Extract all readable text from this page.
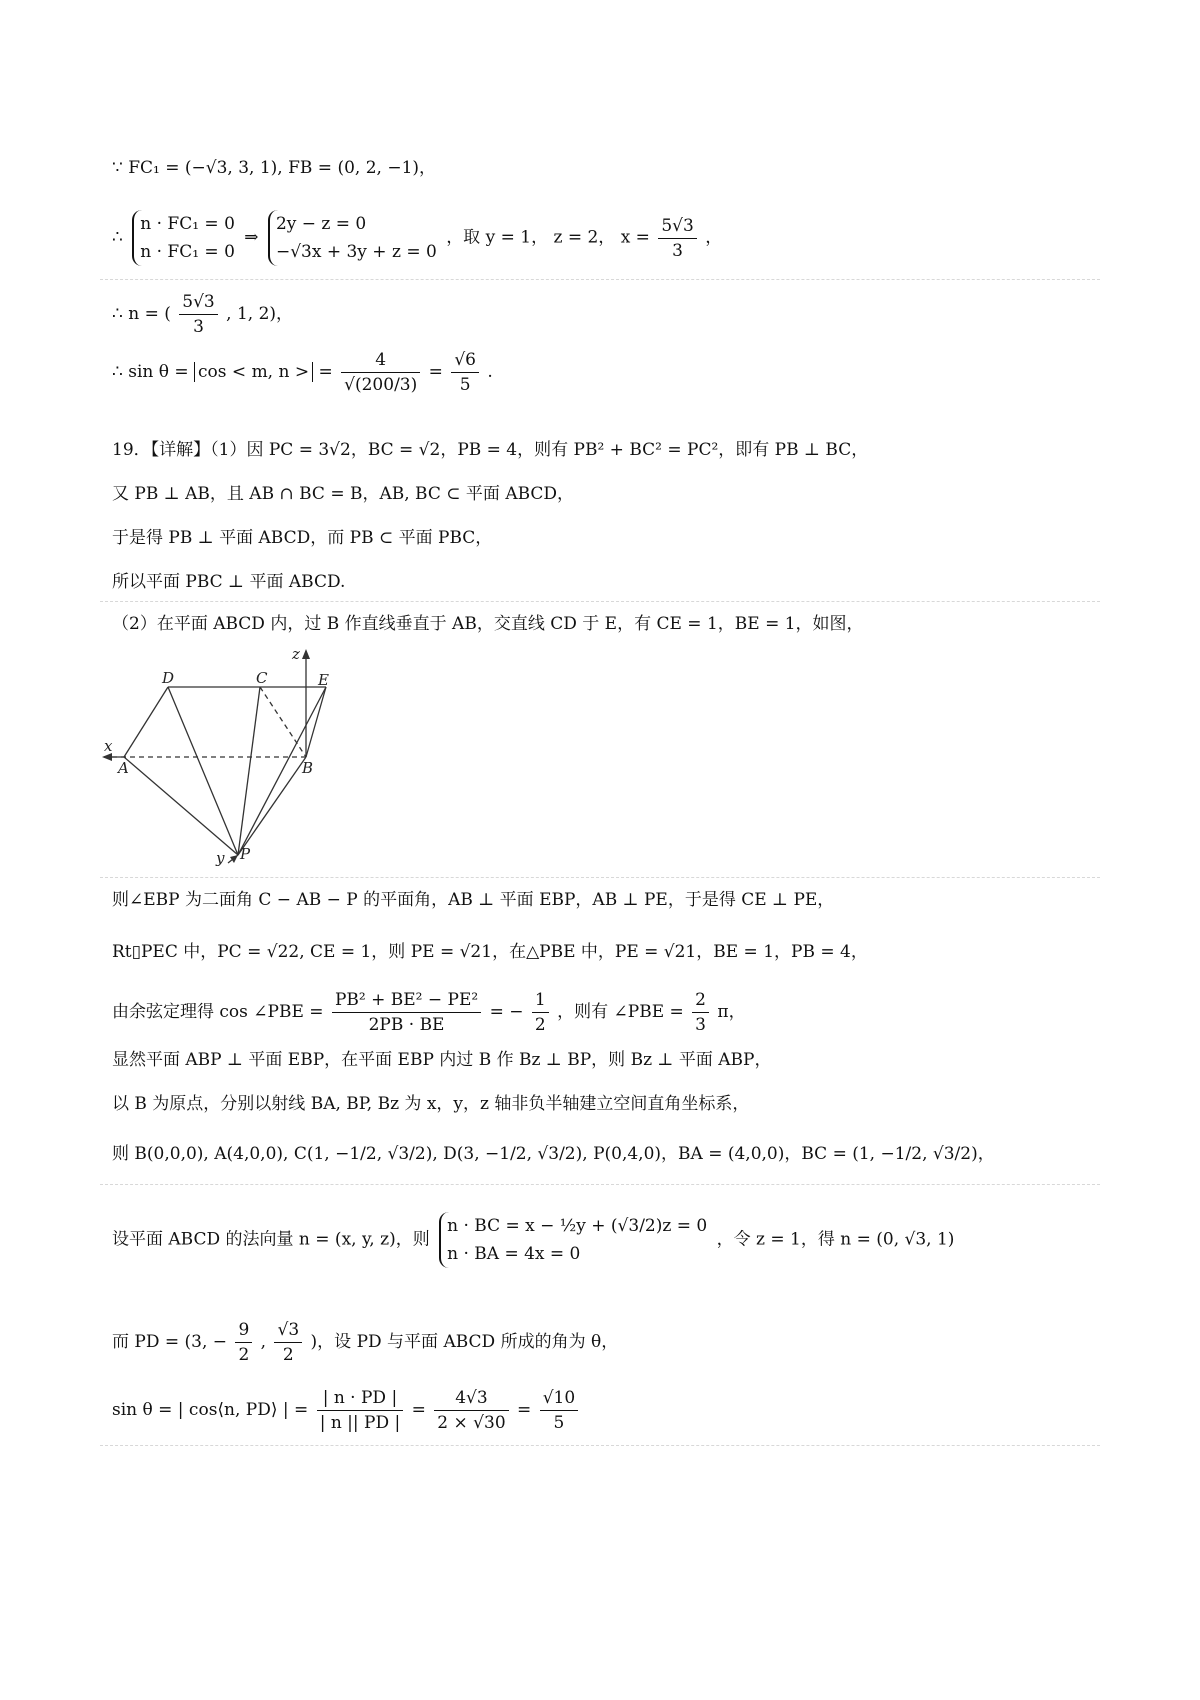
∵ FC₁ = (−√3, 3, 1), FB = (0, 2, −1)，
∴
n · FC₁ = 0
n · FC₁ = 0
⇒
2y − z = 0
−√3x + 3y + z = 0
，取 y = 1， z = 2， $x = \frac{5√3}{3}$ ，
∴ n = ( $\frac{5√3}{3}$ , 1, 2)，
∴ sin θ = cos < m, n > = $\frac{4}{√(200/3)} = \frac{√6}{5}$ .
19．【详解】（1）因 PC = 3√2，BC = √2，PB = 4，则有 PB² + BC² = PC²，即有 PB ⊥ BC，
又 PB ⊥ AB，且 AB ∩ BC = B，AB, BC ⊂ 平面 ABCD，
于是得 PB ⊥ 平面 ABCD，而 PB ⊂ 平面 PBC，
所以平面 PBC ⊥ 平面 ABCD.
（2）在平面 ABCD 内，过 B 作直线垂直于 AB，交直线 CD 于 E，有 CE = 1，BE = 1，如图，
z
x
y
D	C	E
A	B
P
则∠EBP 为二面角 C − AB − P 的平面角，AB ⊥ 平面 EBP，AB ⊥ PE，于是得 CE ⊥ PE，
Rt▯PEC 中，PC = √22, CE = 1，则 PE = √21，在△PBE 中，PE = √21，BE = 1，PB = 4，
由余弦定理得 cos ∠PBE = $\frac{\text{PB² + BE² − PE²}}{2PB \cdot BE}$ = − $\frac{1}{2}$ ，则有 ∠PBE = $\frac{2}{3}$ π，
显然平面 ABP ⊥ 平面 EBP，在平面 EBP 内过 B 作 Bz ⊥ BP，则 Bz ⊥ 平面 ABP，
以 B 为原点，分别以射线 BA, BP, Bz 为 x，y，z 轴非负半轴建立空间直角坐标系，
则 B(0,0,0), A(4,0,0), C(1, −1/2, √3/2), D(3, −1/2, √3/2), P(0,4,0)，BA = (4,0,0)，BC = (1, −1/2, √3/2)，
设平面 ABCD 的法向量 n = (x, y, z)，则
n · BC = x − ½y + (√3/2)z = 0
n · BA = 4x = 0
，令 z = 1，得 n = (0, √3, 1)
而 PD = (3, − $\frac{9}{2}$ , $\frac{√3}{2}$ )，设 PD 与平面 ABCD 所成的角为 θ，
sin θ = | cos⟨n, PD⟩ | = $\frac{| n \cdot PD |}{| n || PD |} = \frac{4√3}{2 \times √30} = \frac{√10}{5}$
